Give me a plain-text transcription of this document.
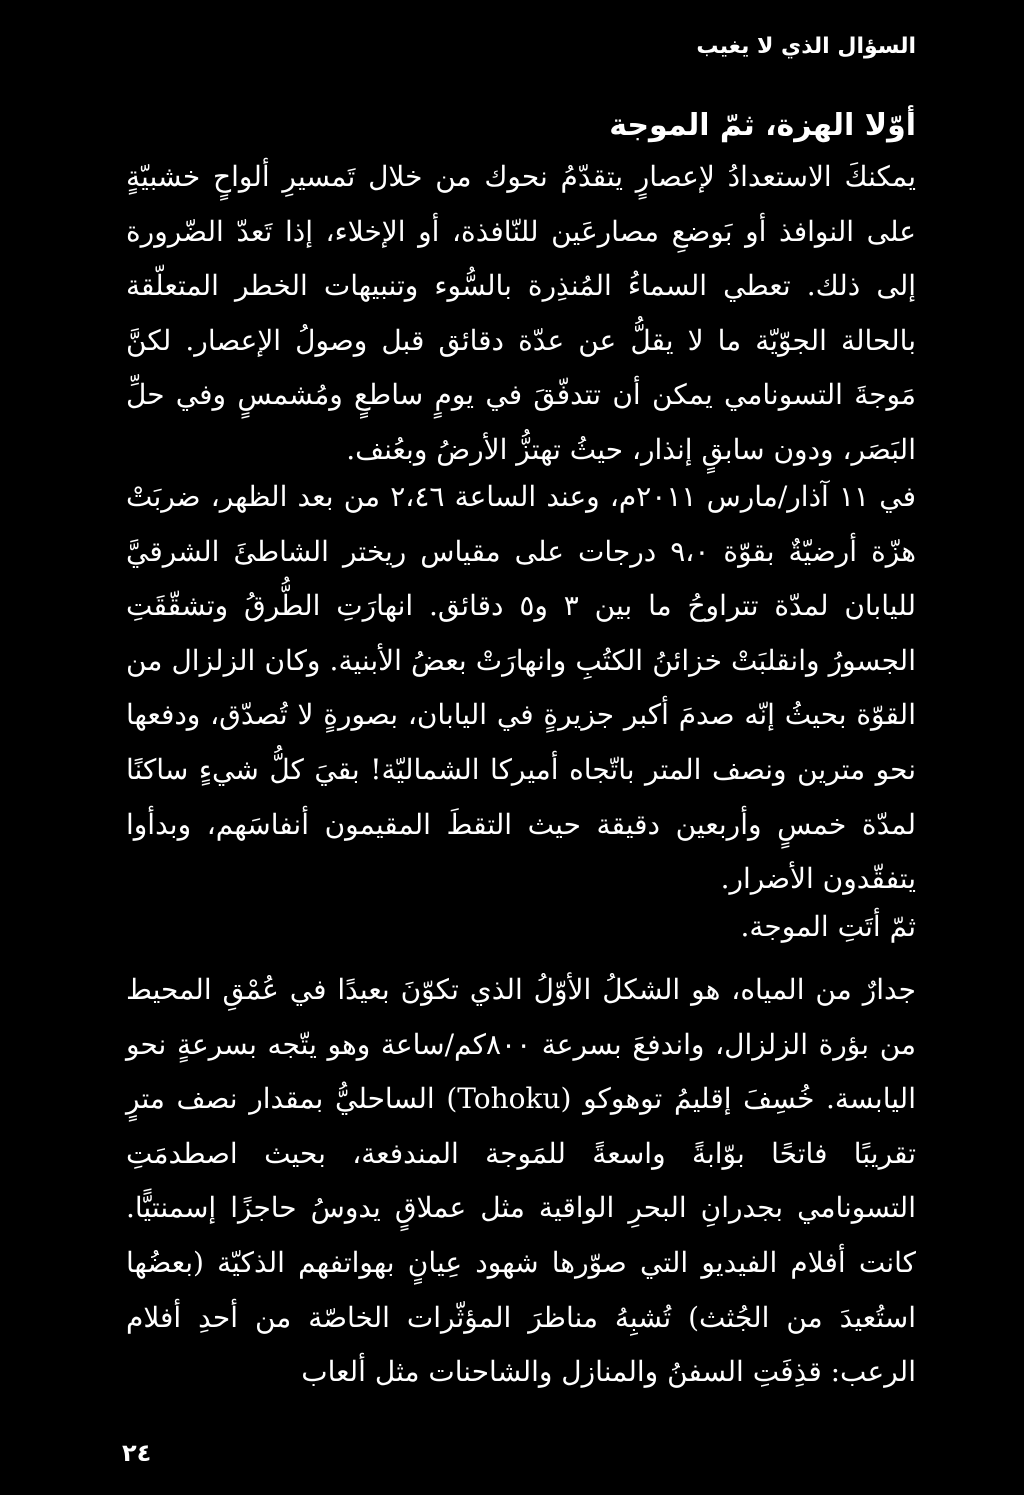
السؤال الذي لا يغيب
أوّلا الهزة، ثمّ الموجة

يمكنكَ الاستعدادُ لإعصارٍ يتقدّمُ نحوك من خلال تَمسيرِ ألواحٍ خشبيّةٍ على النوافذ أو بَوضعِ مصارعَين للنّافذة، أو الإخلاء، إذا تَعدّ الضّرورة إلى ذلك. تعطي السماءُ المُنذِرة بالسُّوء وتنبيهات الخطر المتعلّقة بالحالة الجوّيّة ما لا يقلُّ عن عدّة دقائق قبل وصولُ الإعصار. لكنَّ مَوجةَ التسونامي يمكن أن تتدفّقَ في يومٍ ساطعٍ ومُشمسٍ وفي حلِّ البَصَر، ودون سابقٍ إنذار، حيثُ تهتزُّ الأرضُ وبعُنف.

في ١١ آذار/مارس ٢٠١١م، وعند الساعة ٢،٤٦ من بعد الظهر، ضربَتْ هزّة أرضيّةٌ بقوّة ٩،٠ درجات على مقياس ريختر الشاطئَ الشرقيَّ لليابان لمدّة تتراوحُ ما بين ٣ و٥ دقائق. انهارَتِ الطُّرقُ وتشقّقَتِ الجسورُ وانقلبَتْ خزائنُ الكتُبِ وانهارَتْ بعضُ الأبنية. وكان الزلزال من القوّة بحيثُ إنّه صدمَ أكبر جزيرةٍ في اليابان، بصورةٍ لا تُصدّق، ودفعها نحو مترين ونصف المتر باتّجاه أميركا الشماليّة! بقيَ كلُّ شيءٍ ساكنًا لمدّة خمسٍ وأربعين دقيقة حيث التقطَ المقيمون أنفاسَهم، وبدأوا يتفقّدون الأضرار.

ثمّ أتَتِ الموجة.

جدارٌ من المياه، هو الشكلُ الأوّلُ الذي تكوّنَ بعيدًا في عُمْقِ المحيط من بؤرة الزلزال، واندفعَ بسرعة ٨٠٠كم/ساعة وهو يتّجه بسرعةٍ نحو اليابسة. خُسِفَ إقليمُ توهوكو (Tohoku) الساحليُّ بمقدار نصف مترٍ تقريبًا فاتحًا بوّابةً واسعةً للمَوجة المندفعة، بحيث اصطدمَتِ التسونامي بجدرانِ البحرِ الواقية مثل عملاقٍ يدوسُ حاجزًا إسمنتيًّا. كانت أفلام الفيديو التي صوّرها شهود عِيانٍ بهواتفهم الذكيّة (بعضُها استُعيدَ من الجُثث) تُشبِهُ مناظرَ المؤثّرات الخاصّة من أحدِ أفلام الرعب: قذِفَتِ السفنُ والمنازل والشاحنات مثل ألعاب

٢٤
